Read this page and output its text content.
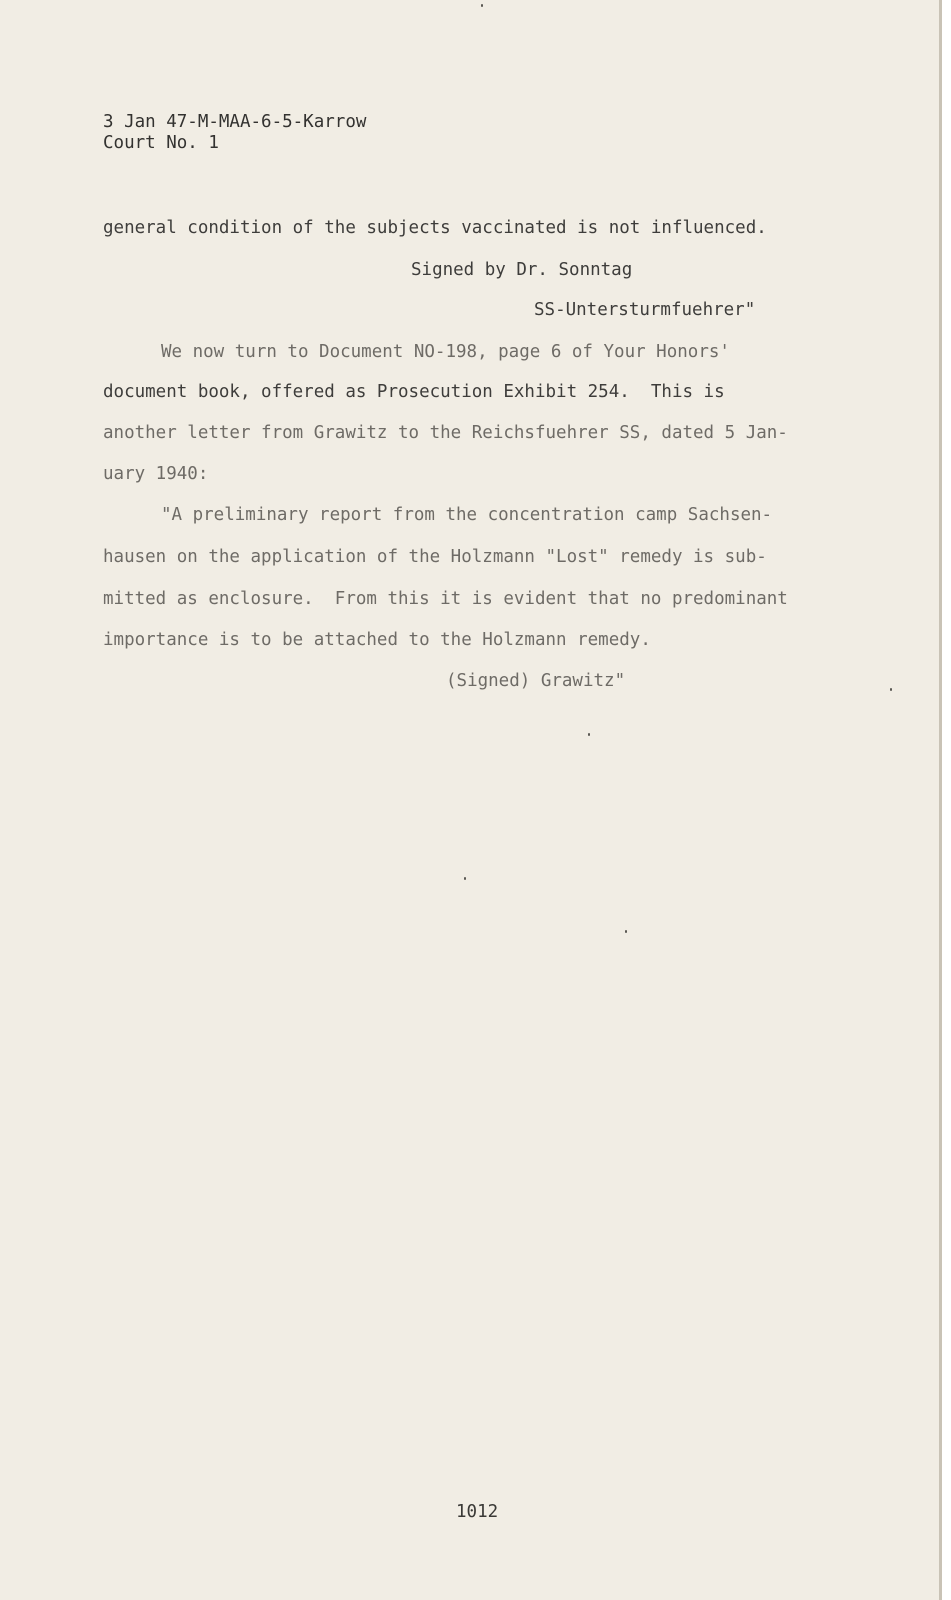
3 Jan 47-M-MAA-6-5-Karrow
Court No. 1

general condition of the subjects vaccinated is not influenced.

Signed by Dr. Sonntag

SS-Untersturmfuehrer"

We now turn to Document NO-198, page 6 of Your Honors'

document book, offered as Prosecution Exhibit 254.  This is

another letter from Grawitz to the Reichsfuehrer SS, dated 5 Jan-

uary 1940:

"A preliminary report from the concentration camp Sachsen-

hausen on the application of the Holzmann "Lost" remedy is sub-

mitted as enclosure.  From this it is evident that no predominant

importance is to be attached to the Holzmann remedy.

(Signed) Grawitz"

1012
